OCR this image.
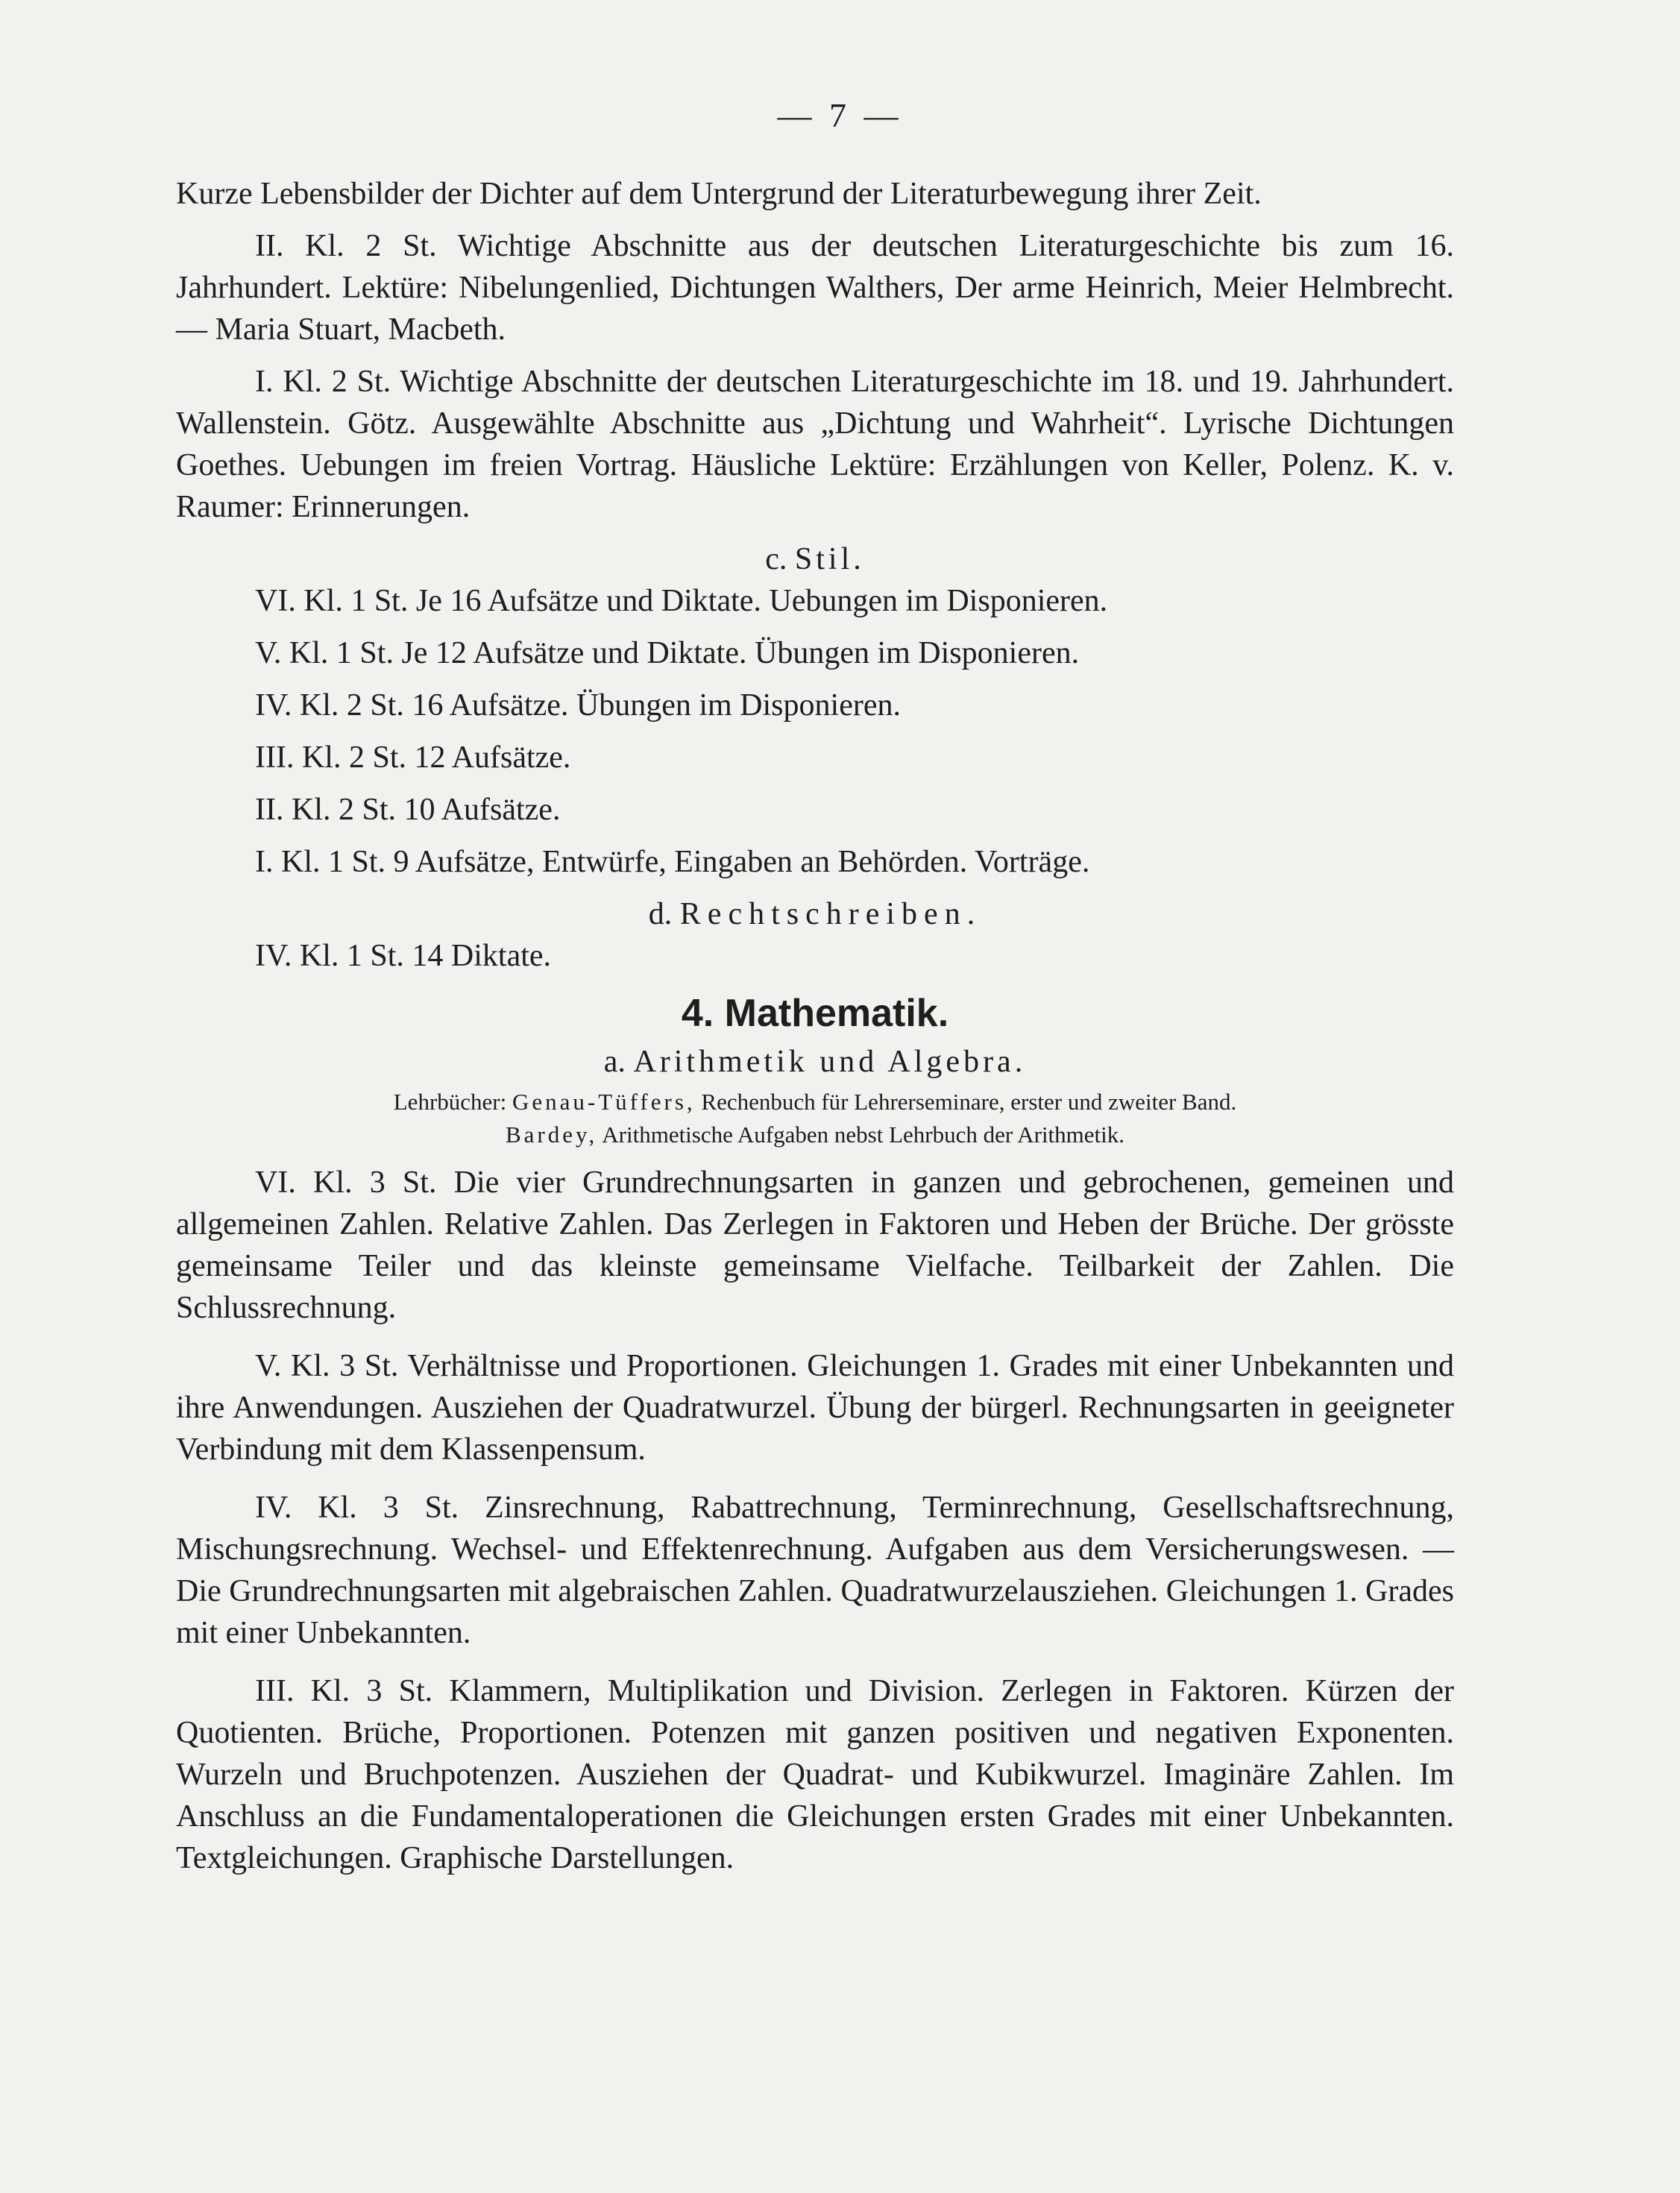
— 7 —

Kurze Lebensbilder der Dichter auf dem Untergrund der Literaturbewegung ihrer Zeit.

II. Kl. 2 St. Wichtige Abschnitte aus der deutschen Literaturgeschichte bis zum 16. Jahrhundert. Lektüre: Nibelungenlied, Dichtungen Walthers, Der arme Heinrich, Meier Helmbrecht. — Maria Stuart, Macbeth.

I. Kl. 2 St. Wichtige Abschnitte der deutschen Literaturgeschichte im 18. und 19. Jahrhundert. Wallenstein. Götz. Ausgewählte Abschnitte aus „Dichtung und Wahrheit“. Lyrische Dichtungen Goethes. Uebungen im freien Vortrag. Häusliche Lektüre: Erzählungen von Keller, Polenz. K. v. Raumer: Erinnerungen.

c. Stil.

VI. Kl. 1 St. Je 16 Aufsätze und Diktate. Uebungen im Disponieren.

V. Kl. 1 St. Je 12 Aufsätze und Diktate. Übungen im Disponieren.

IV. Kl. 2 St. 16 Aufsätze. Übungen im Disponieren.

III. Kl. 2 St. 12 Aufsätze.

II. Kl. 2 St. 10 Aufsätze.

I. Kl. 1 St. 9 Aufsätze, Entwürfe, Eingaben an Behörden. Vorträge.

d. Rechtschreiben.

IV. Kl. 1 St. 14 Diktate.

4. Mathematik.
a. Arithmetik und Algebra.
Lehrbücher: Genau-Tüffers, Rechenbuch für Lehrerseminare, erster und zweiter Band.
Bardey, Arithmetische Aufgaben nebst Lehrbuch der Arithmetik.

VI. Kl. 3 St. Die vier Grundrechnungsarten in ganzen und gebrochenen, gemeinen und allgemeinen Zahlen. Relative Zahlen. Das Zerlegen in Faktoren und Heben der Brüche. Der grösste gemeinsame Teiler und das kleinste gemeinsame Vielfache. Teilbarkeit der Zahlen. Die Schlussrechnung.

V. Kl. 3 St. Verhältnisse und Proportionen. Gleichungen 1. Grades mit einer Unbekannten und ihre Anwendungen. Ausziehen der Quadratwurzel. Übung der bürgerl. Rechnungsarten in geeigneter Verbindung mit dem Klassenpensum.

IV. Kl. 3 St. Zinsrechnung, Rabattrechnung, Terminrechnung, Gesellschaftsrechnung, Mischungsrechnung. Wechsel- und Effektenrechnung. Aufgaben aus dem Versicherungswesen. — Die Grundrechnungsarten mit algebraischen Zahlen. Quadratwurzelausziehen. Gleichungen 1. Grades mit einer Unbekannten.

III. Kl. 3 St. Klammern, Multiplikation und Division. Zerlegen in Faktoren. Kürzen der Quotienten. Brüche, Proportionen. Potenzen mit ganzen positiven und negativen Exponenten. Wurzeln und Bruchpotenzen. Ausziehen der Quadrat- und Kubikwurzel. Imaginäre Zahlen. Im Anschluss an die Fundamentaloperationen die Gleichungen ersten Grades mit einer Unbekannten. Textgleichungen. Graphische Darstellungen.
